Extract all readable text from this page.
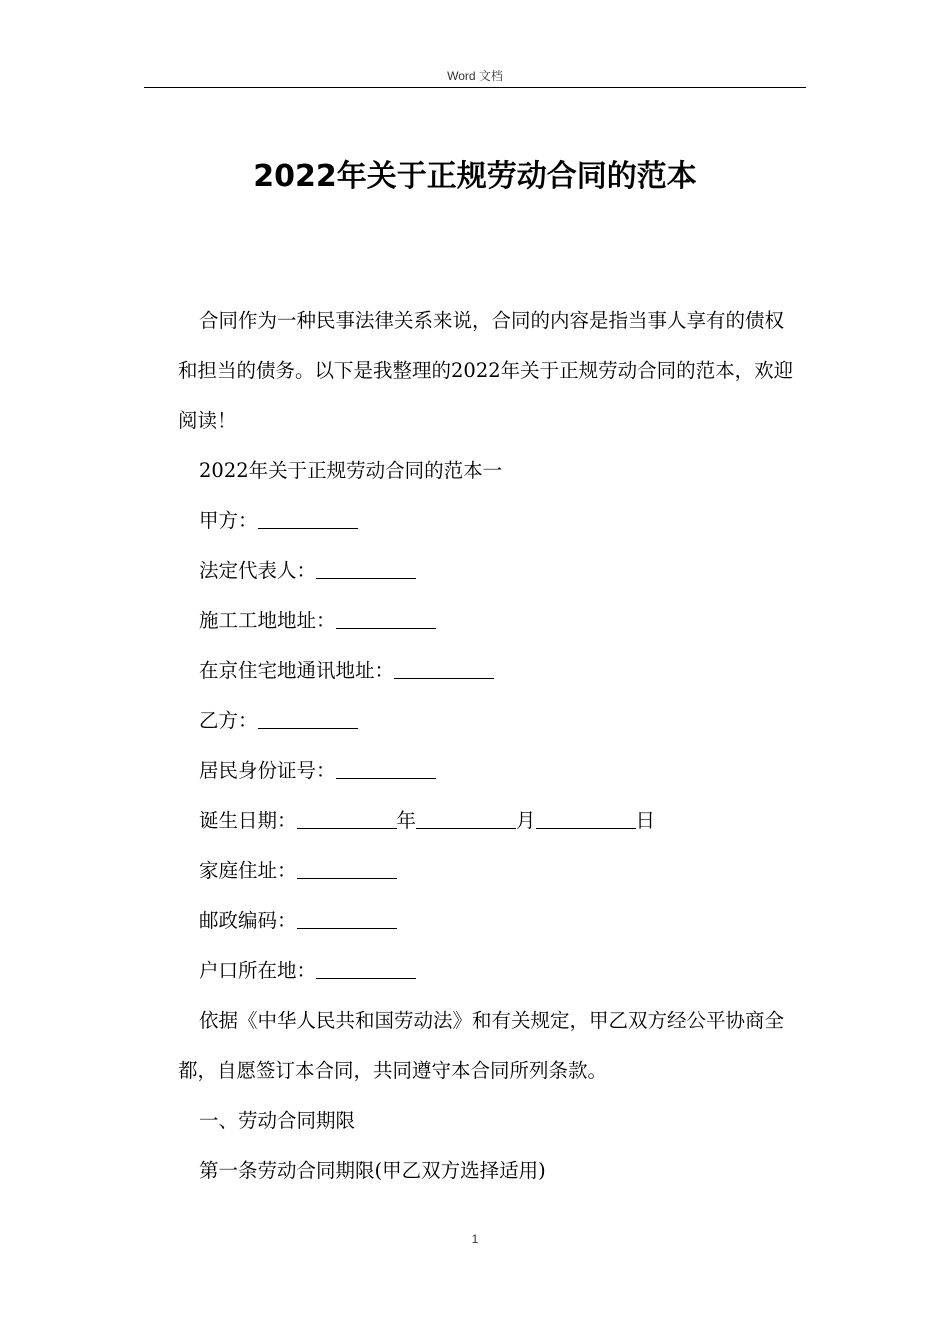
Word 文档
2022年关于正规劳动合同的范本

合同作为一种民事法律关系来说，合同的内容是指当事人享有的债权和担当的债务。以下是我整理的2022年关于正规劳动合同的范本，欢迎阅读！

2022年关于正规劳动合同的范本一

甲方：

法定代表人：

施工工地地址：

在京住宅地通讯地址：

乙方：

居民身份证号：

诞生日期：	年	月	日

家庭住址：

邮政编码：

户口所在地：

依据《中华人民共和国劳动法》和有关规定，甲乙双方经公平协商全都，自愿签订本合同，共同遵守本合同所列条款。

一、劳动合同期限

第一条劳动合同期限(甲乙双方选择适用)

1
